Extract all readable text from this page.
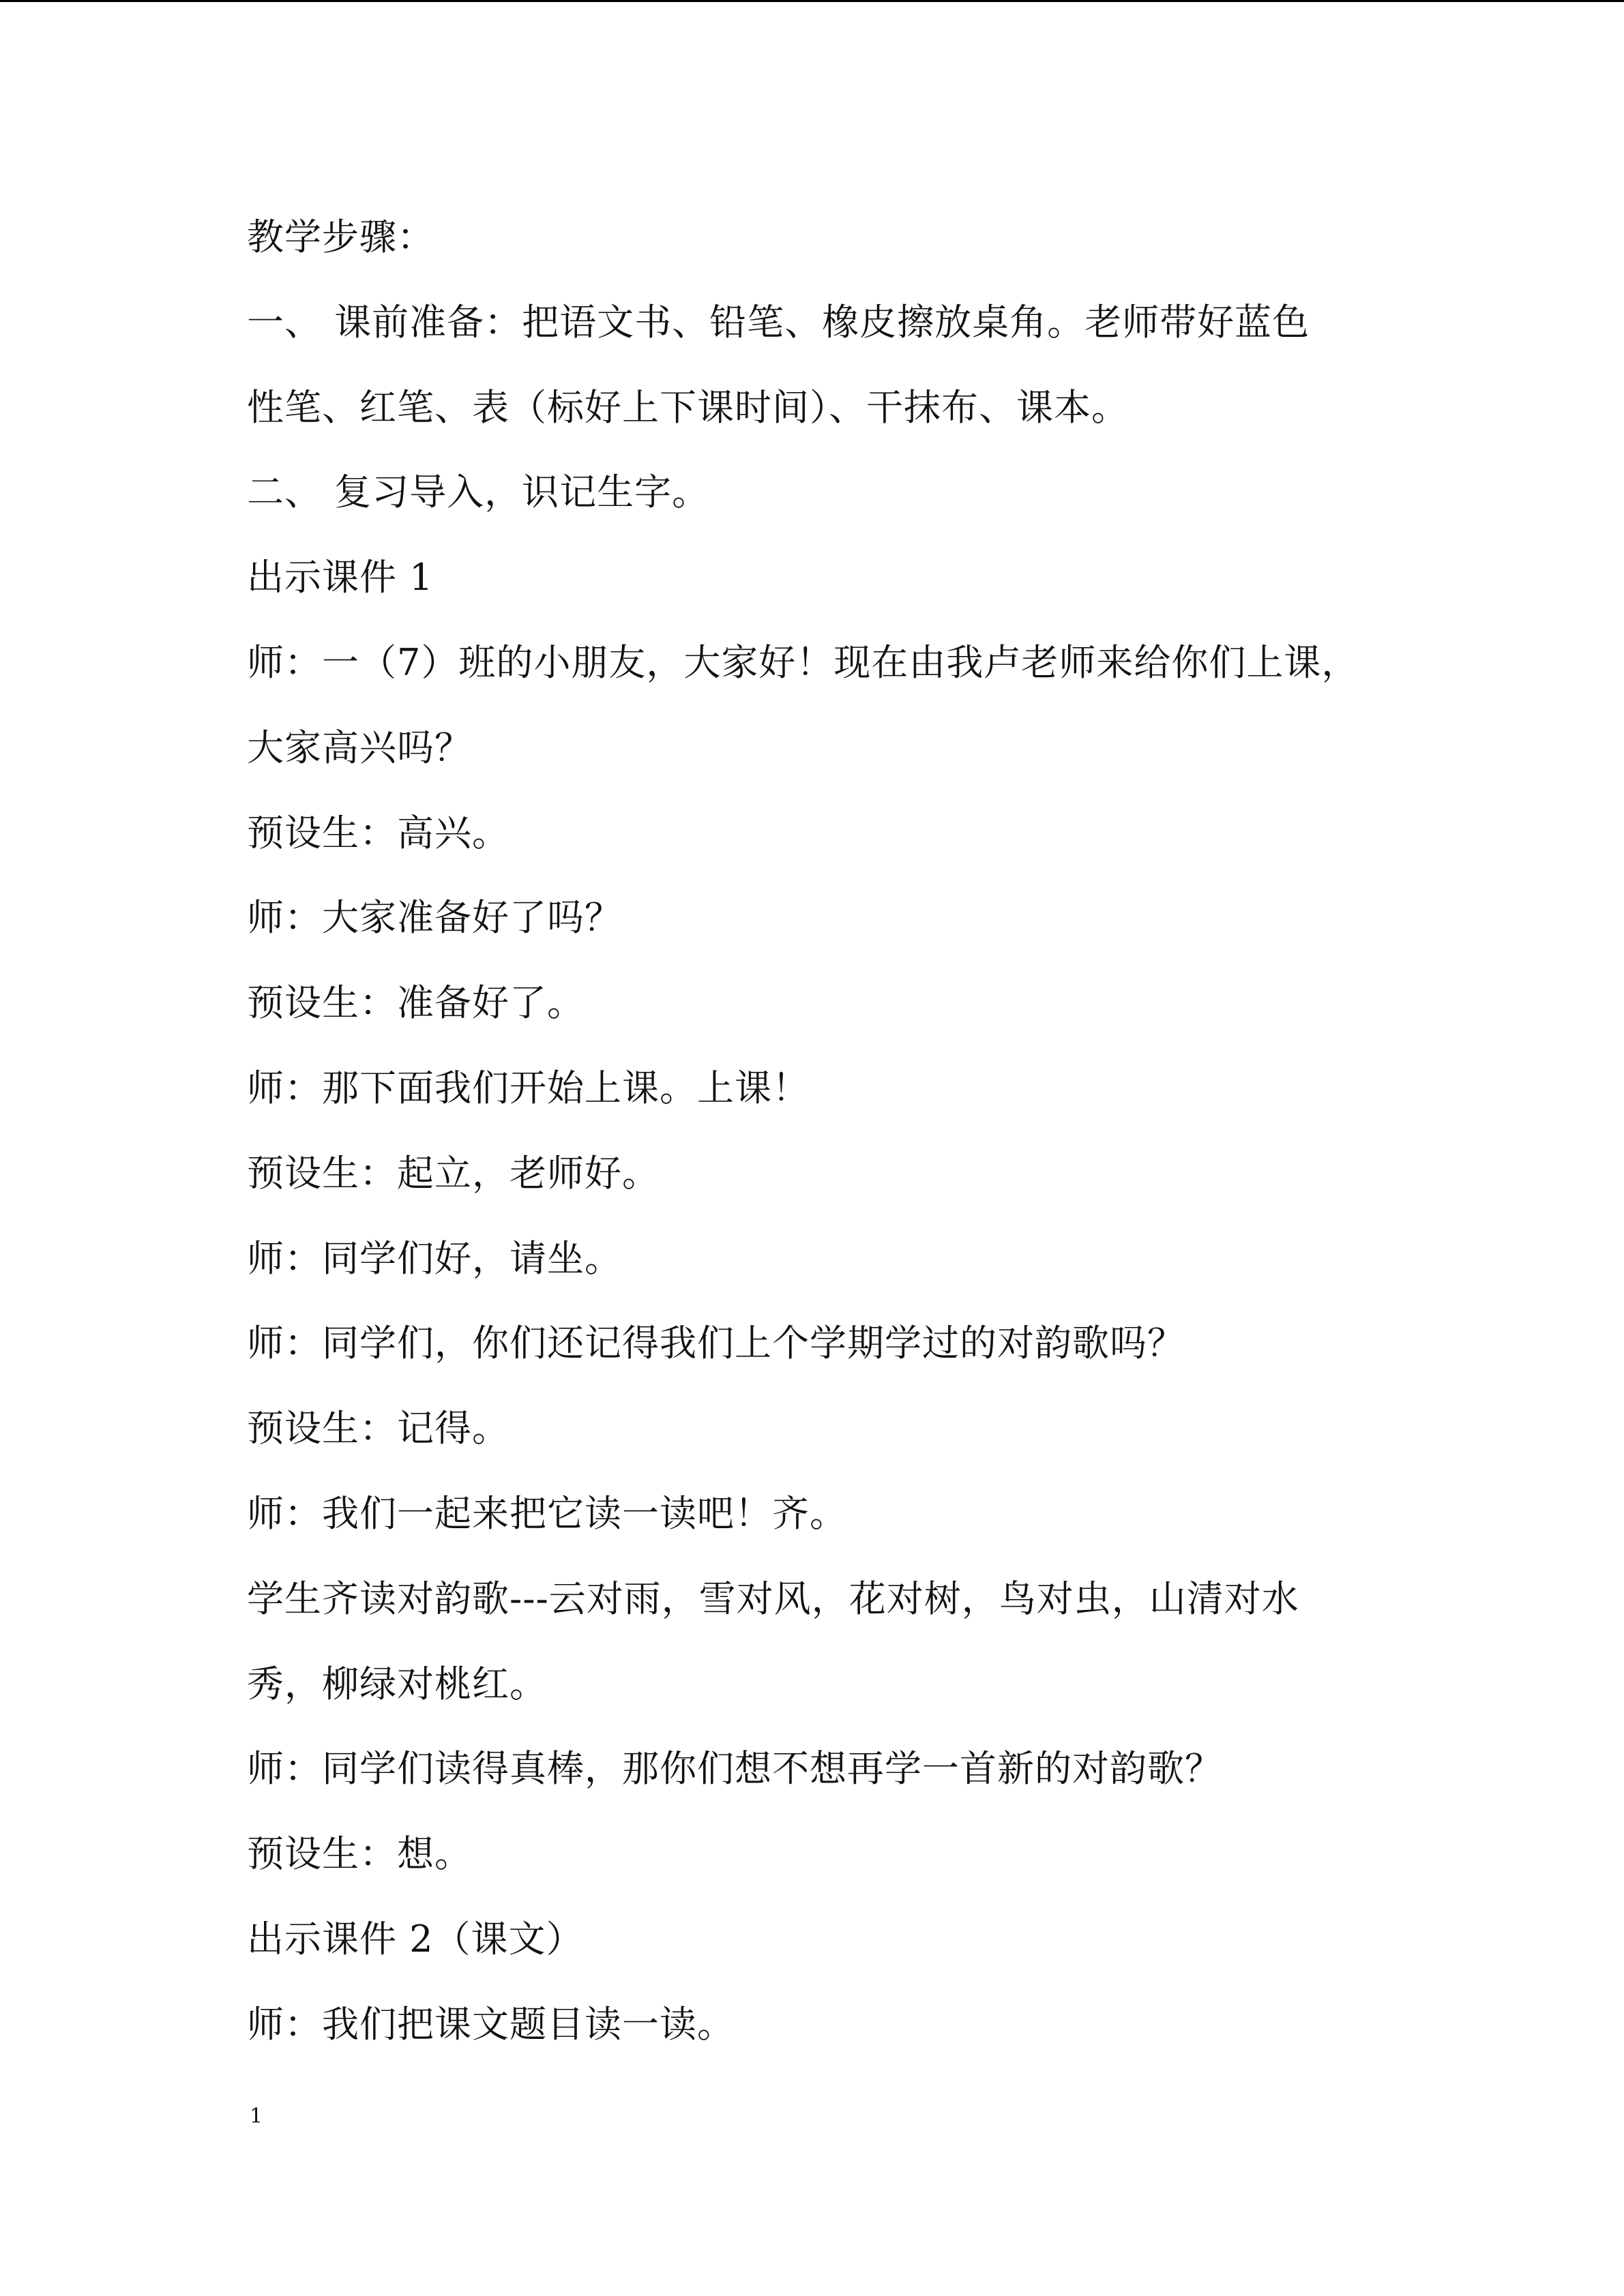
教学步骤：
一、 课前准备：把语文书、铅笔、橡皮擦放桌角。老师带好蓝色
性笔、红笔、表（标好上下课时间）、干抹布、课本。
二、 复习导入，识记生字。
出示课件 1
师：一（7）班的小朋友，大家好！现在由我卢老师来给你们上课，
大家高兴吗？
预设生：高兴。
师：大家准备好了吗？
预设生：准备好了。
师：那下面我们开始上课。上课！
预设生：起立，老师好。
师：同学们好，请坐。
师：同学们，你们还记得我们上个学期学过的对韵歌吗？
预设生：记得。
师：我们一起来把它读一读吧！齐。
学生齐读对韵歌---云对雨，雪对风，花对树，鸟对虫，山清对水
秀，柳绿对桃红。
师：同学们读得真棒，那你们想不想再学一首新的对韵歌？
预设生：想。
出示课件 2（课文）
师：我们把课文题目读一读。
1
